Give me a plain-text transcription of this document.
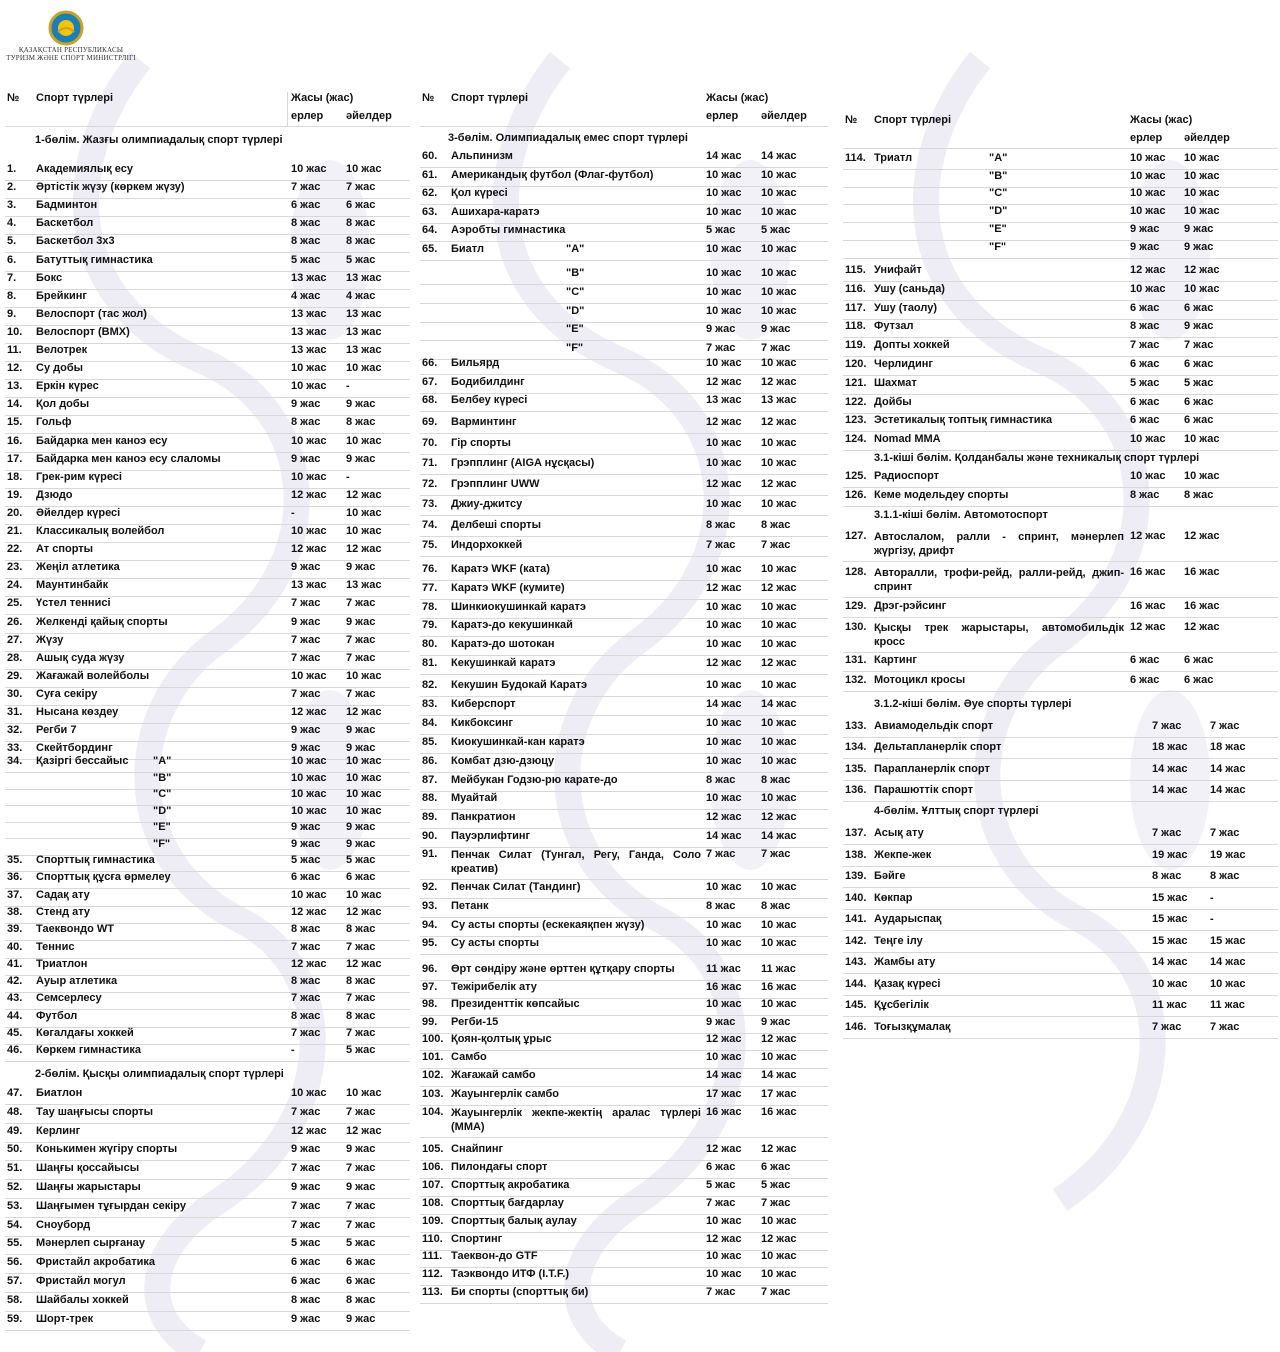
ҚАЗАҚСТАН РЕСПУБЛИКАСЫ
ТУРИЗМ ЖӘНЕ СПОРТ МИНИСТРЛІГІ
№ Спорт түрлері	Жасы (жас)
ерлер әйелдер
1-бөлім. Жазғы олимпиадалық спорт түрлері
2-бөлім. Қысқы олимпиадалық спорт түрлері
1. Академиялық есу	10 жас 10 жас
2. Әртістік жүзу (көркем жүзу)	7 жас 7 жас
3. Бадминтон	6 жас 6 жас
4. Баскетбол	8 жас 8 жас
5. Баскетбол 3х3	8 жас 8 жас
6. Батуттық гимнастика	5 жас 5 жас
7. Бокс	13 жас 13 жас
8. Брейкинг	4 жас 4 жас
9. Велоспорт (тас жол)	13 жас 13 жас
10. Велоспорт (BMX)	13 жас 13 жас
11. Велотрек	13 жас 13 жас
12. Су добы	10 жас 10 жас
13. Еркін күрес	10 жас -
14. Қол добы	9 жас 9 жас
15. Гольф	8 жас 8 жас
16. Байдарка мен каноэ есу	10 жас 10 жас
17. Байдарка мен каноэ есу слаломы	9 жас 9 жас
18. Грек-рим күресі	10 жас -
19. Дзюдо	12 жас 12 жас
20. Әйелдер күресі	-	10 жас
21. Классикалық волейбол	10 жас 10 жас
22. Ат спорты	12 жас 12 жас
23. Жеңіл атлетика	9 жас 9 жас
24. Маунтинбайк	13 жас 13 жас
25. Үстел теннисі	7 жас 7 жас
26. Желкенді қайық спорты	9 жас 9 жас
27. Жүзу	7 жас 7 жас
28. Ашық суда жүзу	7 жас 7 жас
29. Жағажай волейболы	10 жас 10 жас
30. Суға секіру	7 жас 7 жас
31. Нысана көздеу	12 жас 12 жас
32. Регби 7	9 жас 9 жас
33. Скейтбординг	9 жас 9 жас
34. Қазіргі бессайыс "A"	10 жас 10 жас
"B"	10 жас 10 жас
"C"	10 жас 10 жас
"D"	10 жас 10 жас
"E"	9 жас 9 жас
"F"	9 жас 9 жас
35. Спорттық гимнастика	5 жас 5 жас
36. Спорттық құсға өрмелеу	6 жас 6 жас
37. Садақ ату	10 жас 10 жас
38. Стенд ату	12 жас 12 жас
39. Таеквондо WT	8 жас 8 жас
40. Теннис	7 жас 7 жас
41. Триатлон	12 жас 12 жас
42. Ауыр атлетика	8 жас 8 жас
43. Семсерлесу	7 жас 7 жас
44. Футбол	8 жас 8 жас
45. Көгалдағы хоккей	7 жас 7 жас
46. Көркем гимнастика	-	5 жас
47. Биатлон	10 жас 10 жас
48. Тау шаңғысы спорты	7 жас 7 жас
49. Керлинг	12 жас 12 жас
50. Конькимен жүгіру спорты	9 жас 9 жас
51. Шаңғы қоссайысы	7 жас 7 жас
52. Шаңғы жарыстары	9 жас 9 жас
53. Шаңғымен тұғырдан секіру	7 жас 7 жас
54. Сноуборд	7 жас 7 жас
55. Мәнерлеп сырғанау	5 жас 5 жас
56. Фристайл акробатика	6 жас 6 жас
57. Фристайл могул	6 жас 6 жас
58. Шайбалы хоккей	8 жас 8 жас
59. Шорт-трек	9 жас 9 жас
№ Спорт түрлері	Жасы (жас)
ерлер әйелдер
3-бөлім. Олимпиадалық емес спорт түрлері
60. Альпинизм	14 жас 14 жас
61. Американдық футбол (Флаг-футбол)	10 жас 10 жас
62. Қол күресі	10 жас 10 жас
63. Ашихара-каратэ	10 жас 10 жас
64. Аэробты гимнастика	5 жас 5 жас
65. Биатл	"A"	10 жас 10 жас
"B"	10 жас 10 жас
"C"	10 жас 10 жас
"D"	10 жас 10 жас
"E"	9 жас 9 жас
"F"	7 жас 7 жас
66. Бильярд	10 жас 10 жас
67. Бодибилдинг	12 жас 12 жас
68. Белбеу күресі	13 жас 13 жас
69. Варминтинг	12 жас 12 жас
70. Гір спорты	10 жас 10 жас
71. Грэпплинг (AIGA нұсқасы)	10 жас 10 жас
72. Грэпплинг UWW	12 жас 12 жас
73. Джиу-джитсу	10 жас 10 жас
74. Делбеші спорты	8 жас 8 жас
75. Индорхоккей	7 жас 7 жас
76. Каратэ WKF (ката)	10 жас 10 жас
77. Каратэ WKF (кумите)	12 жас 12 жас
78. Шинкиокушинкай каратэ	10 жас 10 жас
79. Каратэ-до кекушинкай	10 жас 10 жас
80. Каратэ-до шотокан	10 жас 10 жас
81. Кекушинкай каратэ	12 жас 12 жас
82. Кекушин Будокай Каратэ	10 жас 10 жас
83. Киберспорт	14 жас 14 жас
84. Кикбоксинг	10 жас 10 жас
85. Киокушинкай-кан каратэ	10 жас 10 жас
86. Комбат дзю-дзюцу	10 жас 10 жас
87. Мейбукан Годзю-рю карате-до	8 жас 8 жас
88. Муайтай	10 жас 10 жас
89. Панкратион	12 жас 12 жас
90. Пауэрлифтинг	14 жас 14 жас
91. Пенчак Силат (Тунгал, Регу, Ганда, Соло креатив)
7 жас 7 жас
92. Пенчак Силат (Тандинг)	10 жас 10 жас
93. Петанк	8 жас 8 жас
94. Су асты спорты (ескекаяқпен жүзу)	10 жас 10 жас
95. Су асты спорты	10 жас 10 жас
96. Өрт сөндіру және өрттен құтқару спорты	11 жас 11 жас
97. Тежірибелік ату	16 жас 16 жас
98. Президенттік көпсайыс	10 жас 10 жас
99. Регби-15	9 жас 9 жас
100. Қоян-қолтық ұрыс	12 жас 12 жас
101. Самбо	10 жас 10 жас
102. Жағажай самбо	14 жас 14 жас
103. Жауынгерлік самбо	17 жас 17 жас
104. Жауынгерлік жекпе-жектің аралас түрлері (ММА)
16 жас 16 жас
105. Снайпинг	12 жас 12 жас
106. Пилондағы спорт	6 жас 6 жас
107. Спорттық акробатика	5 жас 5 жас
108. Спорттық бағдарлау	7 жас 7 жас
109. Спорттық балық аулау	10 жас 10 жас
110. Спортинг	12 жас 12 жас
111. Таеквон-до GTF	10 жас 10 жас
112. Таэквондо ИТФ (I.T.F.)	10 жас 10 жас
113. Би спорты (спорттық би)	7 жас 7 жас
№ Спорт түрлері	Жасы (жас)
ерлер әйелдер
3.1-кіші бөлім. Қолданбалы және техникалық спорт түрлері
3.1.1-кіші бөлім. Автомотоспорт
3.1.2-кіші бөлім. Әуе спорты түрлері
4-бөлім. Ұлттық спорт түрлері
114. Триатл	"A"	10 жас 10 жас
"B"	10 жас 10 жас
"C"	10 жас 10 жас
"D"	10 жас 10 жас
"E"	9 жас 9 жас
"F"	9 жас 9 жас
115. Унифайт	12 жас 12 жас
116. Ушу (саньда)	10 жас 10 жас
117. Ушу (таолу)	6 жас 6 жас
118. Футзал	8 жас 9 жас
119. Допты хоккей	7 жас 7 жас
120. Черлидинг	6 жас 6 жас
121. Шахмат	5 жас 5 жас
122. Дойбы	6 жас 6 жас
123. Эстетикалық топтық гимнастика	6 жас 6 жас
124. Nomad MMA	10 жас 10 жас
125. Радиоспорт	10 жас 10 жас
126. Кеме модельдеу спорты	8 жас 8 жас
127. Автослалом, ралли - спринт, мәнерлеп жүргізу, дрифт
12 жас 12 жас
128. Авторалли, трофи-рейд, ралли-рейд, джип-спринт
16 жас 16 жас
129. Дрэг-рэйсинг	16 жас 16 жас
130. Қысқы трек жарыстары, автомобильдік кросс
12 жас 12 жас
131. Картинг	6 жас 6 жас
132. Мотоцикл кросы	6 жас 6 жас
133. Авиамодельдік спорт	7 жас	7 жас
134. Дельтапланерлік спорт	18 жас 18 жас
135. Парапланерлік спорт	14 жас 14 жас
136. Парашюттік спорт	14 жас 14 жас
137. Асық ату	7 жас	7 жас
138. Жекпе-жек	19 жас 19 жас
139. Бәйге	8 жас	8 жас
140. Көкпар	15 жас -
141. Аударыспақ	15 жас -
142. Теңге ілу	15 жас 15 жас
143. Жамбы ату	14 жас 14 жас
144. Қазақ күресі	10 жас 10 жас
145. Құсбегілік	11 жас 11 жас
146. Тоғызқұмалақ	7 жас	7 жас
